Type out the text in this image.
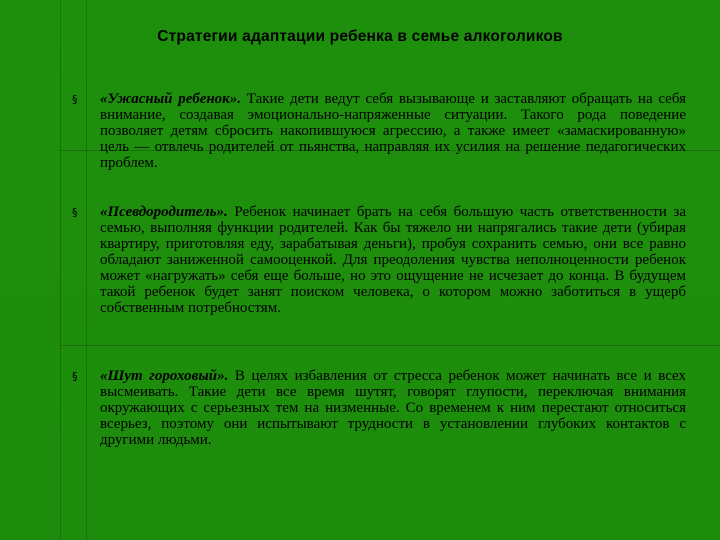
Стратегии адаптации ребенка в семье алкоголиков
§ «Ужасный ребенок». Такие дети ведут себя вызывающе и заставляют обращать на себя внимание, создавая эмоционально-напряженные ситуации. Такого рода поведение позволяет детям сбросить накопившуюся агрессию, а также имеет «замаскированную» цель — отвлечь родителей от пьянства, направляя их усилия на решение педагогических проблем.
§ «Псевдородитель». Ребенок начинает брать на себя большую часть ответственности за семью, выполняя функции родителей. Как бы тяжело ни напрягались такие дети (убирая квартиру, приготовляя еду, зарабатывая деньги), пробуя сохранить семью, они все равно обладают заниженной самооценкой. Для преодоления чувства неполноценности ребенок может «нагружать» себя еще больше, но это ощущение не исчезает до конца. В будущем такой ребенок будет занят поиском человека, о котором можно заботиться в ущерб собственным потребностям.
§ «Шут гороховый». В целях избавления от стресса ребенок может начинать все и всех высмеивать. Такие дети все время шутят, говорят глупости, переключая внимания окружающих с серьезных тем на низменные. Со временем к ним перестают относиться всерьез, поэтому они испытывают трудности в установлении глубоких контактов с другими людьми.
